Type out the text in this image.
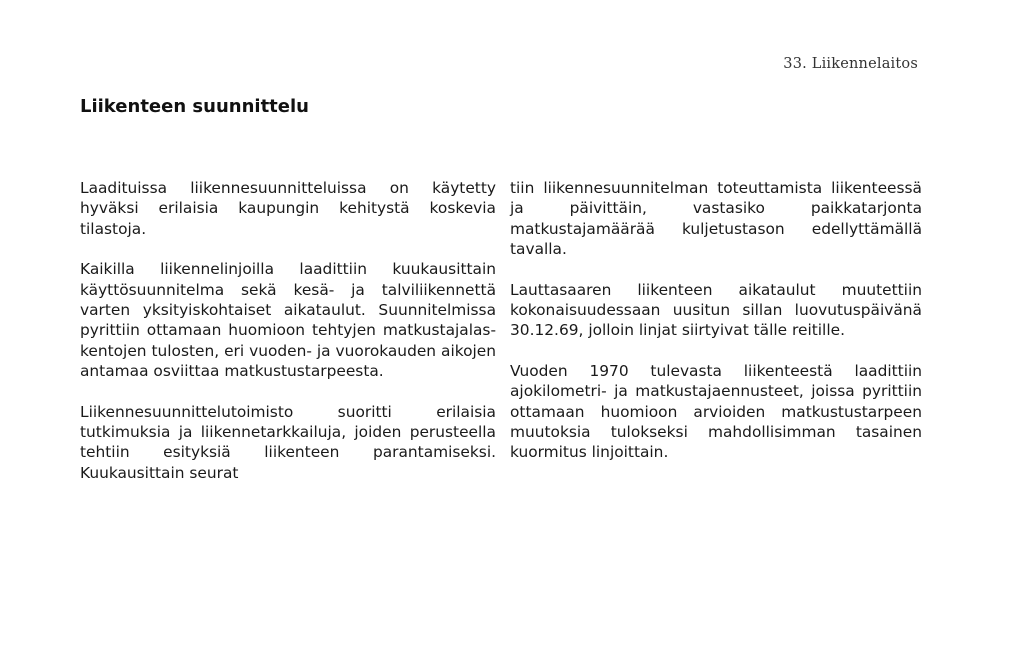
33. Liikennelaitos
Liikenteen suunnittelu

Laadituissa liikennesuunnitteluissa on käytetty hyväksi erilaisia kaupungin kehitystä koskevia tilastoja.

Kaikilla liikennelinjoilla laadittiin kuukausittain käyttösuunnitelma sekä kesä- ja talviliikennettä varten yksityiskohtaiset aikataulut. Suunnitelmissa pyrittiin ottamaan huomioon tehtyjen matkustajalaskentojen tulosten, eri vuoden- ja vuorokauden aikojen antamaa osviittaa matkustustarpeesta.

Liikennesuunnittelutoimisto suoritti erilaisia tutkimuksia ja liikennetarkkailuja, joiden perusteella tehtiin esityksiä liikenteen parantamiseksi. Kuukausittain seurat

tiin liikennesuunnitelman toteuttamista liikenteessä ja päivittäin, vastasiko paikkatarjonta matkustajamäärää kuljetustason edellyttämällä tavalla.

Lauttasaaren liikenteen aikataulut muutettiin kokonaisuudessaan uusitun sillan luovutuspäivänä 30.12.69, jolloin linjat siirtyivat tälle reitille.

Vuoden 1970 tulevasta liikenteestä laadittiin ajokilometri- ja matkustajaennusteet, joissa pyrittiin ottamaan huomioon arvioiden matkustustarpeen muutoksia tulokseksi mahdollisimman tasainen kuormitus linjoittain.
